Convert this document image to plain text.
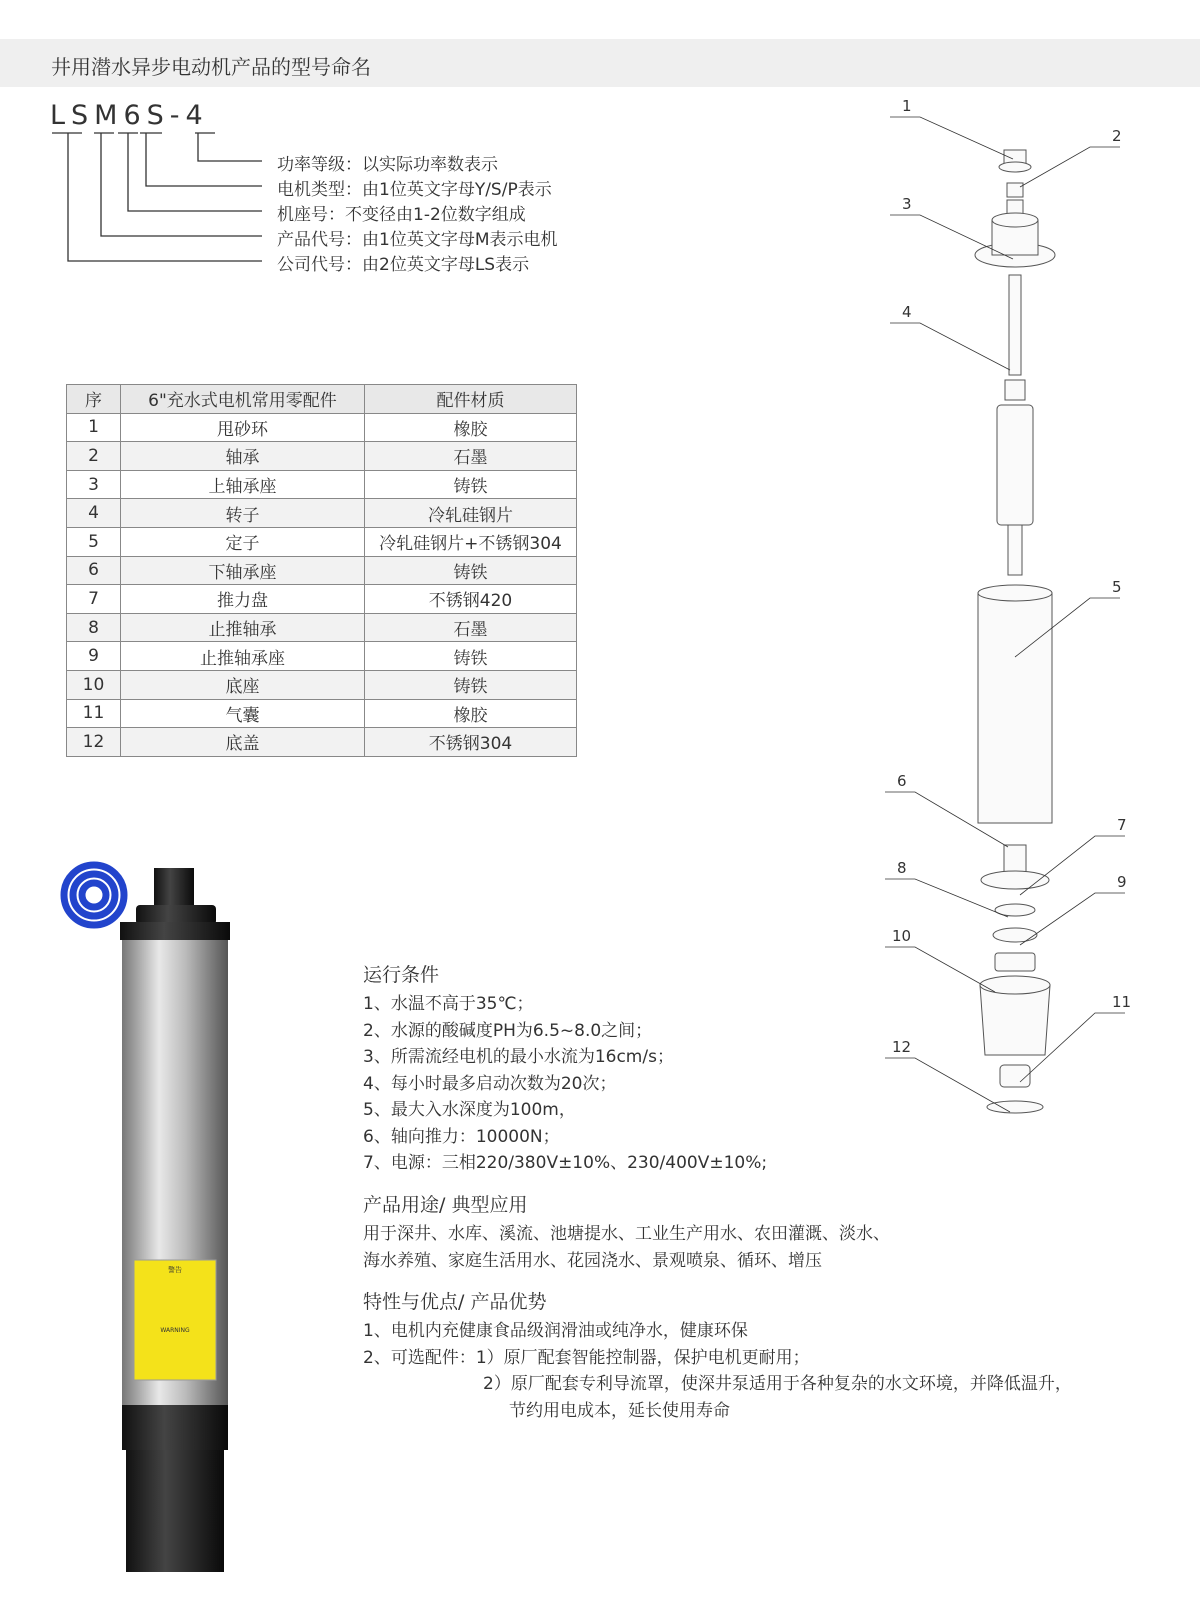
井用潜水异步电动机产品的型号命名
LSM6S-4
功率等级：以实际功率数表示
电机类型：由1位英文字母Y/S/P表示
机座号：不变径由1-2位数字组成
产品代号：由1位英文字母M表示电机
公司代号：由2位英文字母LS表示
序	6"充水式电机常用零配件	配件材质
1	甩砂环	橡胶
2	轴承	石墨
3	上轴承座	铸铁
4	转子	冷轧硅钢片
5	定子	冷轧硅钢片+不锈钢304
6	下轴承座	铸铁
7	推力盘	不锈钢420
8	止推轴承	石墨
9	止推轴承座	铸铁
10	底座	铸铁
11	气囊	橡胶
12	底盖	不锈钢304
警告
WARNING
运行条件
1、水温不高于35℃；
2、水源的酸碱度PH为6.5~8.0之间；
3、所需流经电机的最小水流为16cm/s；
4、每小时最多启动次数为20次；
5、最大入水深度为100m，
6、轴向推力：10000N；
7、电源：三相220/380V±10%、230/400V±10%;
产品用途/ 典型应用
用于深井、水库、溪流、池塘提水、工业生产用水、农田灌溉、淡水、
海水养殖、家庭生活用水、花园浇水、景观喷泉、循环、增压
特性与优点/ 产品优势
1、电机内充健康食品级润滑油或纯净水，健康环保
2、可选配件：1）原厂配套智能控制器，保护电机更耐用；
2）原厂配套专利导流罩，使深井泵适用于各种复杂的水文环境，并降低温升，
节约用电成本，延长使用寿命
1
2
3
4
5
6
7
8
9
10
11
12
